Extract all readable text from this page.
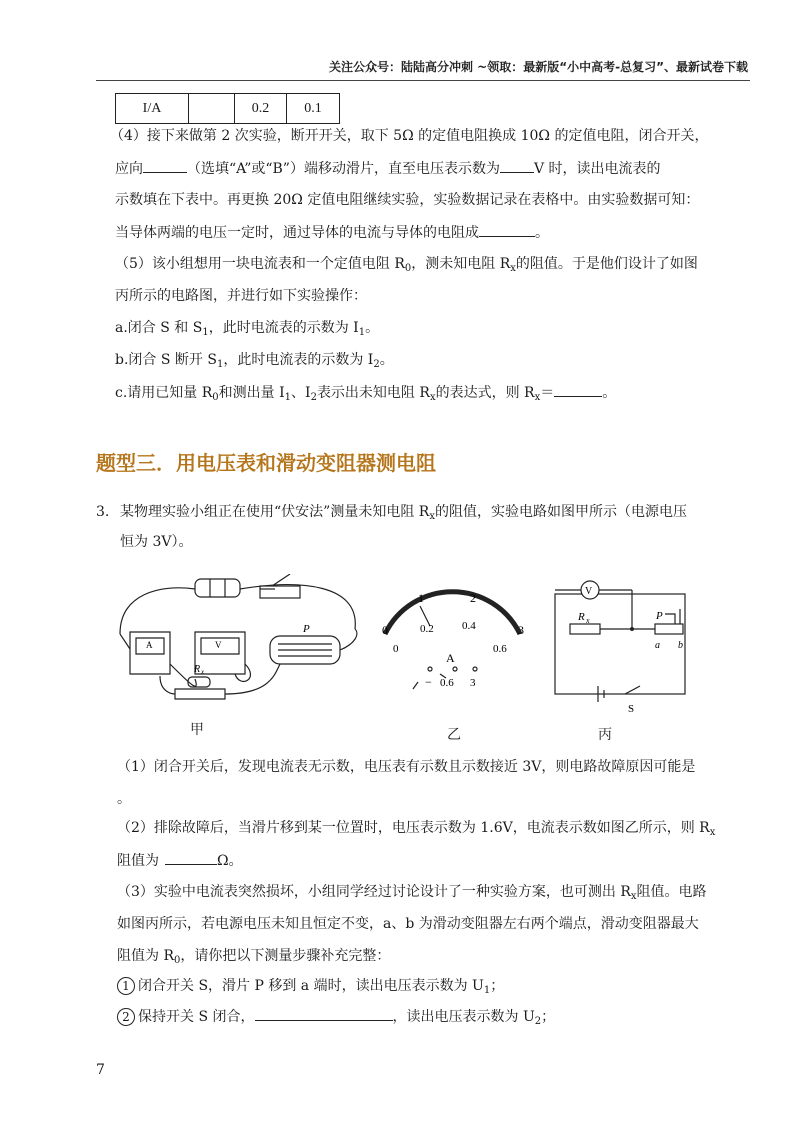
关注公众号：陆陆高分冲刺 ~领取：最新版“小中高考-总复习”、最新试卷下载
I/A		0.2	0.1
（4）接下来做第 2 次实验，断开开关，取下 5Ω 的定值电阻换成 10Ω 的定值电阻，闭合开关，
应向	（选填“A”或“B”）端移动滑片，直至电压表示数为 V 时，读出电流表的
示数填在下表中。再更换 20Ω 定值电阻继续实验，实验数据记录在表格中。由实验数据可知：
当导体两端的电压一定时，通过导体的电流与导体的电阻成	。
（5）该小组想用一块电流表和一个定值电阻 $R_0$，测未知电阻 $R_x$的阻值。于是他们设计了如图
丙所示的电路图，并进行如下实验操作：
a.闭合 S 和 $S_1$，此时电流表的示数为 $I_1$。
b.闭合 S 断开 $S_1$，此时电流表的示数为 $I_2$。
c.请用已知量 $R_0$和测出量 $I_1$、$I_2$表示出未知电阻 $R_x$的表达式，则 $R_x=$	。
题型三．用电压表和滑动变阻器测电阻
3. 某物理实验小组正在使用“伏安法”测量未知电阻 $R_x$的阻值，实验电路如图甲所示（电源电压
恒为 3V）。
0
1	2
3
0
0.2	0.4
0.6
A
− 0.6 3
V
R x	P
a b
S
P
R x
A	V
甲	乙	丙
（1）闭合开关后，发现电流表无示数，电压表有示数且示数接近 3V，则电路故障原因可能是
。
（2）排除故障后，当滑片移到某一位置时，电压表示数为 1.6V，电流表示数如图乙所示，则 $R_x$
阻值为	Ω。
（3）实验中电流表突然损坏，小组同学经过讨论设计了一种实验方案，也可测出 $R_x$阻值。电路
如图丙所示，若电源电压未知且恒定不变，a、b 为滑动变阻器左右两个端点，滑动变阻器最大
阻值为 $R_0$，请你把以下测量步骤补充完整：
1 闭合开关 S，滑片 P 移到 a 端时，读出电压表示数为 $U_1$；
2 保持开关 S 闭合，	，读出电压表示数为 $U_2$；
7
